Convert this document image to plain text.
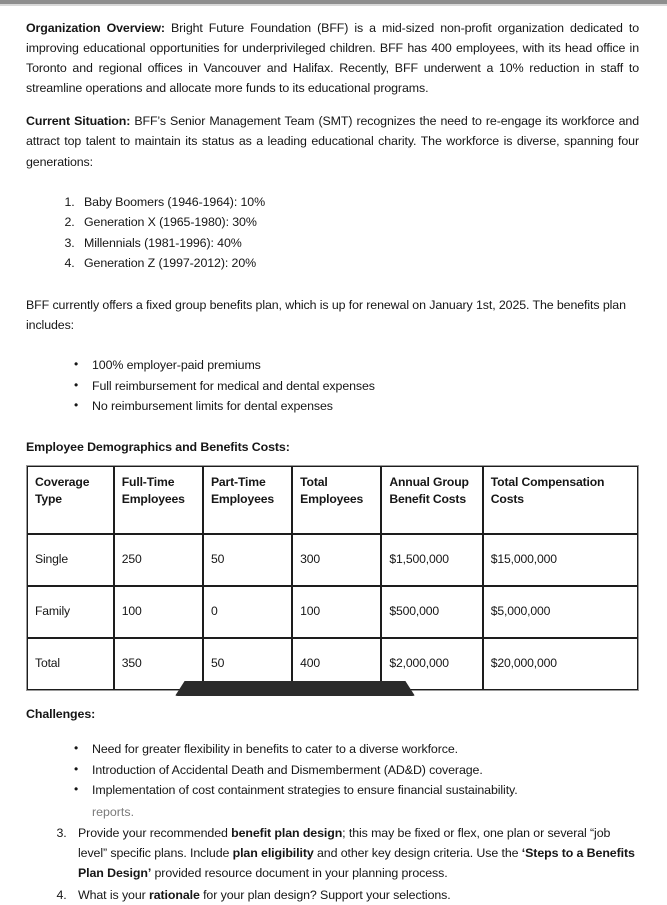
Organization Overview: Bright Future Foundation (BFF) is a mid-sized non-profit organization dedicated to improving educational opportunities for underprivileged children. BFF has 400 employees, with its head office in Toronto and regional offices in Vancouver and Halifax. Recently, BFF underwent a 10% reduction in staff to streamline operations and allocate more funds to its educational programs.

Current Situation: BFF’s Senior Management Team (SMT) recognizes the need to re-engage its workforce and attract top talent to maintain its status as a leading educational charity. The workforce is diverse, spanning four generations:

1. Baby Boomers (1946-1964): 10%
2. Generation X (1965-1980): 30%
3. Millennials (1981-1996): 40%
4. Generation Z (1997-2012): 20%

BFF currently offers a fixed group benefits plan, which is up for renewal on January 1st, 2025. The benefits plan includes:

• 100% employer-paid premiums
• Full reimbursement for medical and dental expenses
• No reimbursement limits for dental expenses
Employee Demographics and Benefits Costs:
Coverage Type	Full-Time Employees	Part-Time Employees	Total Employees	Annual Group Benefit Costs	Total Compensation Costs
Single	250	50	300	$1,500,000	$15,000,000
Family	100	0	100	$500,000	$5,000,000
Total	350	50	400	$2,000,000	$20,000,000
Challenges:
• Need for greater flexibility in benefits to cater to a diverse workforce.
• Introduction of Accidental Death and Dismemberment (AD&D) coverage.
• Implementation of cost containment strategies to ensure financial sustainability.
reports.
3. Provide your recommended benefit plan design; this may be fixed or flex, one plan or several “job level” specific plans. Include plan eligibility and other key design criteria. Use the ‘Steps to a Benefits Plan Design’ provided resource document in your planning process.
4. What is your rationale for your plan design? Support your selections.
